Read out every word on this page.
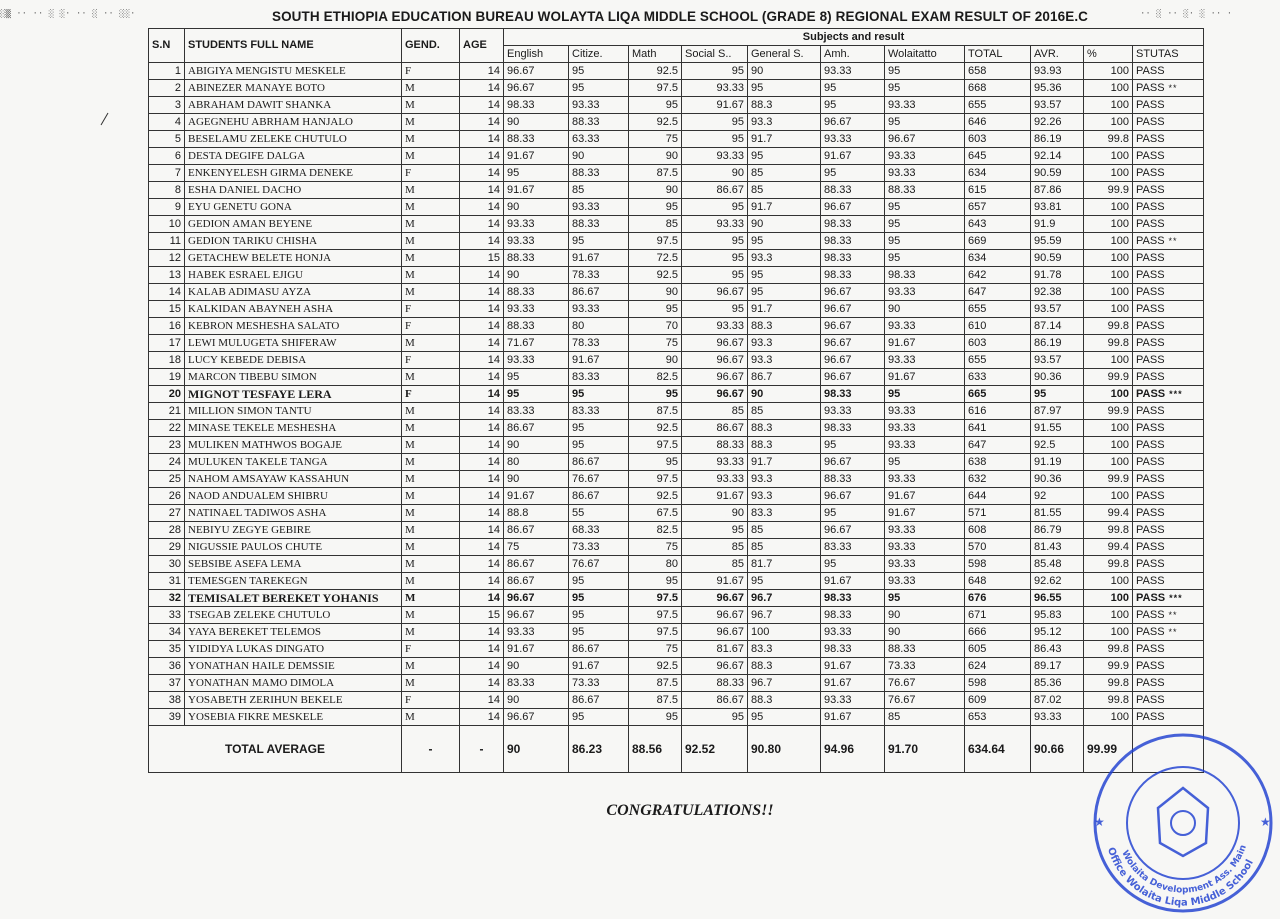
░▒ ·· ·· ░ ░· ·· ░ ·· ░░·	·· ░ ·· ░· ░ ·· ·
SOUTH ETHIOPIA EDUCATION BUREAU WOLAYTA LIQA MIDDLE SCHOOL (GRADE 8) REGIONAL EXAM RESULT OF 2016E.C
S.N	STUDENTS FULL NAME	GEND.	AGE	Subjects and result										
				English	Citize.	Math	Social S..	General S.	Amh.	Wolaitatto	TOTAL	AVR.	%	STUTAS
1	ABIGIYA MENGISTU MESKELE	F	14	96.67	95	92.5	95	90	93.33	95	658	93.93	100	PASS
2	ABINEZER MANAYE BOTO	M	14	96.67	95	97.5	93.33	95	95	95	668	95.36	100	PASS **
3	ABRAHAM DAWIT SHANKA	M	14	98.33	93.33	95	91.67	88.3	95	93.33	655	93.57	100	PASS
4	AGEGNEHU ABRHAM HANJALO	M	14	90	88.33	92.5	95	93.3	96.67	95	646	92.26	100	PASS
5	BESELAMU ZELEKE CHUTULO	M	14	88.33	63.33	75	95	91.7	93.33	96.67	603	86.19	99.8	PASS
6	DESTA DEGIFE DALGA	M	14	91.67	90	90	93.33	95	91.67	93.33	645	92.14	100	PASS
7	ENKENYELESH GIRMA DENEKE	F	14	95	88.33	87.5	90	85	95	93.33	634	90.59	100	PASS
8	ESHA DANIEL DACHO	M	14	91.67	85	90	86.67	85	88.33	88.33	615	87.86	99.9	PASS
9	EYU GENETU GONA	M	14	90	93.33	95	95	91.7	96.67	95	657	93.81	100	PASS
10	GEDION AMAN BEYENE	M	14	93.33	88.33	85	93.33	90	98.33	95	643	91.9	100	PASS
11	GEDION TARIKU CHISHA	M	14	93.33	95	97.5	95	95	98.33	95	669	95.59	100	PASS **
12	GETACHEW BELETE HONJA	M	15	88.33	91.67	72.5	95	93.3	98.33	95	634	90.59	100	PASS
13	HABEK ESRAEL EJIGU	M	14	90	78.33	92.5	95	95	98.33	98.33	642	91.78	100	PASS
14	KALAB ADIMASU AYZA	M	14	88.33	86.67	90	96.67	95	96.67	93.33	647	92.38	100	PASS
15	KALKIDAN ABAYNEH ASHA	F	14	93.33	93.33	95	95	91.7	96.67	90	655	93.57	100	PASS
16	KEBRON MESHESHA SALATO	F	14	88.33	80	70	93.33	88.3	96.67	93.33	610	87.14	99.8	PASS
17	LEWI MULUGETA SHIFERAW	M	14	71.67	78.33	75	96.67	93.3	96.67	91.67	603	86.19	99.8	PASS
18	LUCY KEBEDE DEBISA	F	14	93.33	91.67	90	96.67	93.3	96.67	93.33	655	93.57	100	PASS
19	MARCON TIBEBU SIMON	M	14	95	83.33	82.5	96.67	86.7	96.67	91.67	633	90.36	99.9	PASS
20	MIGNOT TESFAYE LERA	F	14	95	95	95	96.67	90	98.33	95	665	95	100	PASS ***
21	MILLION SIMON TANTU	M	14	83.33	83.33	87.5	85	85	93.33	93.33	616	87.97	99.9	PASS
22	MINASE TEKELE MESHESHA	M	14	86.67	95	92.5	86.67	88.3	98.33	93.33	641	91.55	100	PASS
23	MULIKEN MATHWOS BOGAJE	M	14	90	95	97.5	88.33	88.3	95	93.33	647	92.5	100	PASS
24	MULUKEN TAKELE TANGA	M	14	80	86.67	95	93.33	91.7	96.67	95	638	91.19	100	PASS
25	NAHOM AMSAYAW KASSAHUN	M	14	90	76.67	97.5	93.33	93.3	88.33	93.33	632	90.36	99.9	PASS
26	NAOD ANDUALEM SHIBRU	M	14	91.67	86.67	92.5	91.67	93.3	96.67	91.67	644	92	100	PASS
27	NATINAEL TADIWOS ASHA	M	14	88.8	55	67.5	90	83.3	95	91.67	571	81.55	99.4	PASS
28	NEBIYU ZEGYE GEBIRE	M	14	86.67	68.33	82.5	95	85	96.67	93.33	608	86.79	99.8	PASS
29	NIGUSSIE PAULOS CHUTE	M	14	75	73.33	75	85	85	83.33	93.33	570	81.43	99.4	PASS
30	SEBSIBE ASEFA LEMA	M	14	86.67	76.67	80	85	81.7	95	93.33	598	85.48	99.8	PASS
31	TEMESGEN TAREKEGN	M	14	86.67	95	95	91.67	95	91.67	93.33	648	92.62	100	PASS
32	TEMISALET BEREKET YOHANIS	M	14	96.67	95	97.5	96.67	96.7	98.33	95	676	96.55	100	PASS ***
33	TSEGAB ZELEKE CHUTULO	M	15	96.67	95	97.5	96.67	96.7	98.33	90	671	95.83	100	PASS **
34	YAYA BEREKET TELEMOS	M	14	93.33	95	97.5	96.67	100	93.33	90	666	95.12	100	PASS **
35	YIDIDYA LUKAS DINGATO	F	14	91.67	86.67	75	81.67	83.3	98.33	88.33	605	86.43	99.8	PASS
36	YONATHAN HAILE DEMSSIE	M	14	90	91.67	92.5	96.67	88.3	91.67	73.33	624	89.17	99.9	PASS
37	YONATHAN MAMO DIMOLA	M	14	83.33	73.33	87.5	88.33	96.7	91.67	76.67	598	85.36	99.8	PASS
38	YOSABETH ZERIHUN BEKELE	F	14	90	86.67	87.5	86.67	88.3	93.33	76.67	609	87.02	99.8	PASS
39	YOSEBIA FIKRE MESKELE	M	14	96.67	95	95	95	95	91.67	85	653	93.33	100	PASS
TOTAL AVERAGE		-	-	90	86.23	88.56	92.52	90.80	94.96	91.70	634.64	90.66	99.99	
CONGRATULATIONS!!
Wolaita Development Ass. Main
Office Wolaita Liqa Middle School
★	★
